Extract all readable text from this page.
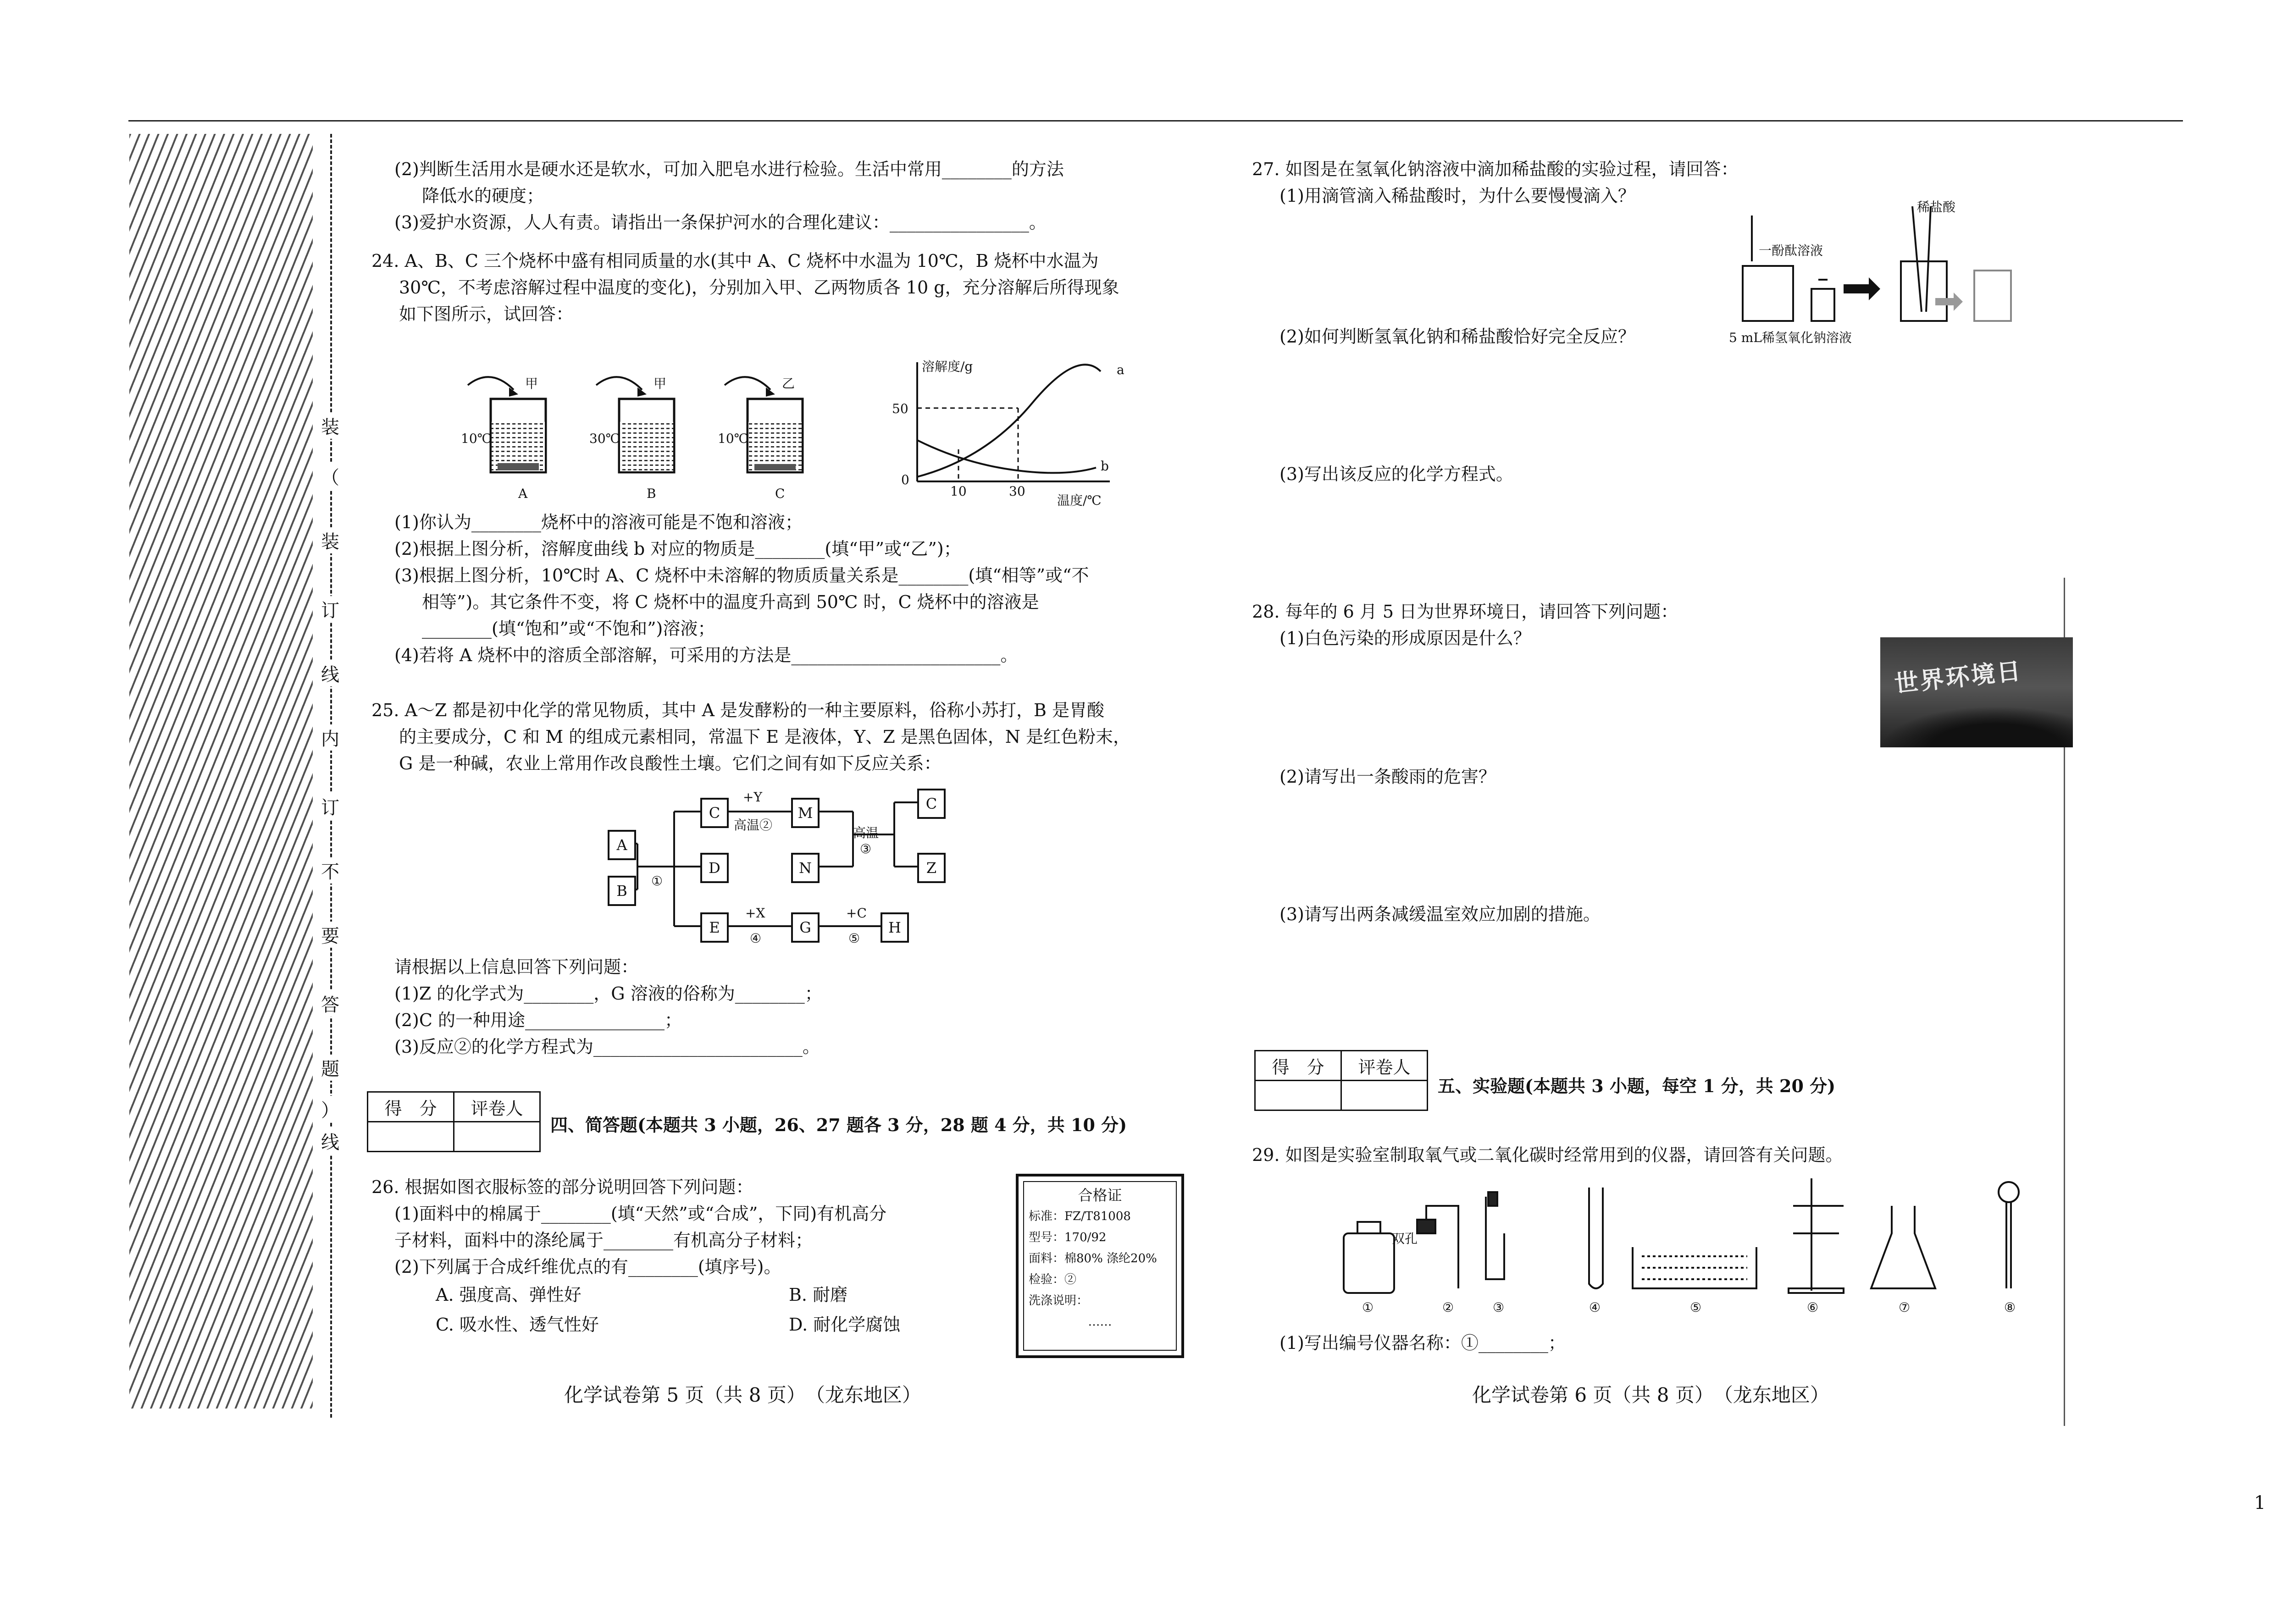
装
（
装
订
线
内
订
不
要
答
题
）
线
(2)判断生活用水是硬水还是软水，可加入肥皂水进行检验。生活中常用________的方法
降低水的硬度；
(3)爱护水资源，人人有责。请指出一条保护河水的合理化建议：________________。
24. A、B、C 三个烧杯中盛有相同质量的水(其中 A、C 烧杯中水温为 10℃，B 烧杯中水温为
30℃，不考虑溶解过程中温度的变化)，分别加入甲、乙两物质各 10 g，充分溶解后所得现象
如下图所示，试回答：
甲
10℃
A
甲
30℃
B
乙
10℃
C
溶解度/g
50
0
10	30
温度/℃
a
b
(1)你认为________烧杯中的溶液可能是不饱和溶液；
(2)根据上图分析，溶解度曲线 b 对应的物质是________(填“甲”或“乙”)；
(3)根据上图分析，10℃时 A、C 烧杯中未溶解的物质质量关系是________(填“相等”或“不
相等”)。其它条件不变，将 C 烧杯中的温度升高到 50℃ 时，C 烧杯中的溶液是
________(填“饱和”或“不饱和”)溶液；
(4)若将 A 烧杯中的溶质全部溶解，可采用的方法是________________________。
25. A～Z 都是初中化学的常见物质，其中 A 是发酵粉的一种主要原料，俗称小苏打，B 是胃酸
的主要成分，C 和 M 的组成元素相同，常温下 E 是液体，Y、Z 是黑色固体，N 是红色粉末，
G 是一种碱，农业上常用作改良酸性土壤。它们之间有如下反应关系：
A
B
C
D
E
M
N
G
C
Z
H
+Y
高温②
①
高温
③
+X
④
+C
⑤
请根据以上信息回答下列问题：
(1)Z 的化学式为________，G 溶液的俗称为________；
(2)C 的一种用途________________；
(3)反应②的化学方程式为________________________。
得　分	评卷人

四、简答题(本题共 3 小题，26、27 题各 3 分，28 题 4 分，共 10 分)
26. 根据如图衣服标签的部分说明回答下列问题：
(1)面料中的棉属于________(填“天然”或“合成”，下同)有机高分
子材料，面料中的涤纶属于________有机高分子材料；
(2)下列属于合成纤维优点的有________(填序号)。
A. 强度高、弹性好	B. 耐磨
C. 吸水性、透气性好	D. 耐化学腐蚀
合格证
标准：FZ/T81008
型号：170/92
面料：棉80% 涤纶20%
检验：②
洗涤说明：
……
化学试卷第 5 页（共 8 页）　（龙东地区）
27. 如图是在氢氧化钠溶液中滴加稀盐酸的实验过程，请回答：
(1)用滴管滴入稀盐酸时，为什么要慢慢滴入？
一酚酞溶液
稀盐酸
5 mL稀氢氧化钠溶液
(2)如何判断氢氧化钠和稀盐酸恰好完全反应？
(3)写出该反应的化学方程式。
28. 每年的 6 月 5 日为世界环境日，请回答下列问题：
(1)白色污染的形成原因是什么？
世界环境日
(2)请写出一条酸雨的危害？
(3)请写出两条减缓温室效应加剧的措施。
得　分	评卷人

五、实验题(本题共 3 小题，每空 1 分，共 20 分)
29. 如图是实验室制取氧气或二氧化碳时经常用到的仪器，请回答有关问题。
双孔
①	②	③	④	⑤	⑥	⑦	⑧
(1)写出编号仪器名称：①________；
化学试卷第 6 页（共 8 页）　（龙东地区）
1
